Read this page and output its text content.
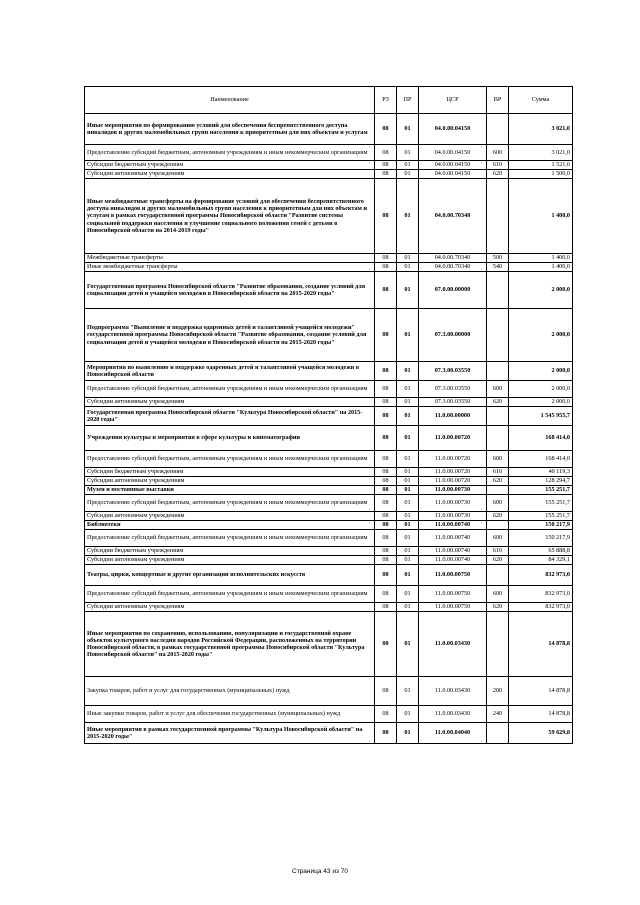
Наименование	РЗ	ПР	ЦСР	ВР	Сумма
Иные мероприятия по формированию условий для обеспечения беспрепятственного доступа инвалидов и других маломобильных групп населения к приоритетным для них объектам и услугам	08	01	04.0.00.04150		3 021,0
Предоставление субсидий бюджетным, автономным учреждениям и иным некоммерческим организациям	08	01	04.0.00.04150	600	3 021,0
Субсидии бюджетным учреждениям	08	01	04.0.00.04150	610	1 521,0
Субсидии автономным учреждениям	08	01	04.0.00.04150	620	1 500,0
Иные межбюджетные трансферты на формирование условий для обеспечения беспрепятственного доступа инвалидов и других маломобильных групп населения к приоритетным для них объектам и услугам в рамках государственной программы Новосибирской области "Развитие системы социальной поддержки населения и улучшение социального положения семей с детьми в Новосибирской области на 2014-2019 годы"	08	01	04.0.00.70340		1 400,0
Межбюджетные трансферты	08	01	04.0.00.70340	500	1 400,0
Иные межбюджетные трансферты	08	01	04.0.00.70340	540	1 400,0
Государственная программа Новосибирской области "Развитие образования, создание условий для социализации детей и учащейся молодежи в Новосибирской области на 2015-2020 годы"	08	01	07.0.00.00000		2 000,0
Подпрограмма "Выявление и поддержка одаренных детей и талантливой учащейся молодежи" государственной программы Новосибирской области "Развитие образования, создание условий для социализации детей и учащейся молодежи в Новосибирской области на 2015-2020 годы"	08	01	07.3.00.00000		2 000,0
Мероприятия по выявлению и поддержке одаренных детей и талантливой учащейся молодежи в Новосибирской области	08	01	07.3.00.03550		2 000,0
Предоставление субсидий бюджетным, автономным учреждениям и иным некоммерческим организациям	08	01	07.3.00.03550	600	2 000,0
Субсидии автономным учреждениям	08	01	07.3.00.03550	620	2 000,0
Государственная программа Новосибирской области "Культура Новосибирской области" на 2015-2020 годы"	08	01	11.0.00.00000		1 545 955,7
Учреждения культуры и мероприятия в сфере культуры и кинематографии	08	01	11.0.00.00720		168 414,0
Предоставление субсидий бюджетным, автономным учреждениям и иным некоммерческим организациям	08	01	11.0.00.00720	600	168 414,0
Субсидии бюджетным учреждениям	08	01	11.0.00.00720	610	40 119,3
Субсидии автономным учреждениям	08	01	11.0.00.00720	620	128 294,7
Музеи и постоянные выставки	08	01	11.0.00.00730		155 251,7
Предоставление субсидий бюджетным, автономным учреждениям и иным некоммерческим организациям	08	01	11.0.00.00730	600	155 251,7
Субсидии автономным учреждениям	08	01	11.0.00.00730	620	155 251,7
Библиотеки	08	01	11.0.00.00740		150 217,9
Предоставление субсидий бюджетным, автономным учреждениям и иным некоммерческим организациям	08	01	11.0.00.00740	600	150 217,9
Субсидии бюджетным учреждениям	08	01	11.0.00.00740	610	65 888,8
Субсидии автономным учреждениям	08	01	11.0.00.00740	620	84 329,1
Театры, цирки, концертные и другие организации исполнительских искусств	08	01	11.0.00.00750		832 973,0
Предоставление субсидий бюджетным, автономным учреждениям и иным некоммерческим организациям	08	01	11.0.00.00750	600	832 973,0
Субсидии автономным учреждениям	08	01	11.0.00.00750	620	832 973,0
Иные мероприятия по сохранению, использованию, популяризации и государственной охране объектов культурного наследия народов Российской Федерации, расположенных на территории Новосибирской области, в рамках государственной программы Новосибирской области "Культура Новосибирской области" на 2015-2020 годы"	08	01	11.0.00.03430		14 878,8
Закупка товаров, работ и услуг для государственных (муниципальных) нужд	08	01	11.0.00.03430	200	14 878,8
Иные закупки товаров, работ и услуг для обеспечения государственных (муниципальных) нужд	08	01	11.0.00.03430	240	14 878,8
Иные мероприятия в рамках государственной программы "Культура Новосибирской области" на 2015-2020 годы"	08	01	11.0.00.04040		59 629,8
Страница 43 из 70
